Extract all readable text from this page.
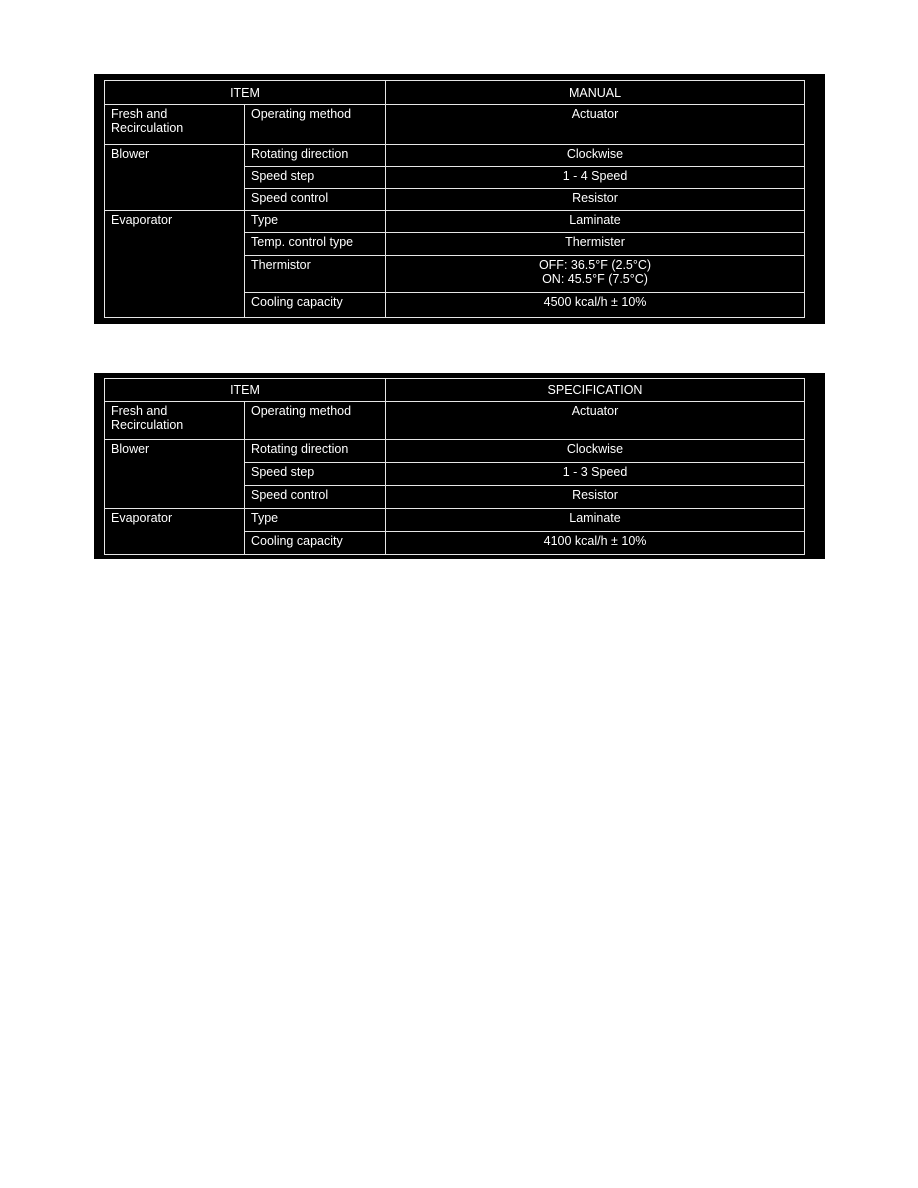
ITEM		MANUAL
Fresh and
Recirculation	Operating method	Actuator

Blower	Rotating direction	Clockwise

	Speed step	1 - 4 Speed

	Speed control	Resistor

Evaporator	Type	Laminate

	Temp. control type	Thermister

	Thermistor	OFF: 36.5°F (2.5°C)
ON: 45.5°F (7.5°C)

	Cooling capacity	4500 kcal/h ± 10%
ITEM		SPECIFICATION
Fresh and
Recirculation	Operating method	Actuator

Blower	Rotating direction	Clockwise

	Speed step	1 - 3 Speed

	Speed control	Resistor

Evaporator	Type	Laminate

	Cooling capacity	4100 kcal/h ± 10%
